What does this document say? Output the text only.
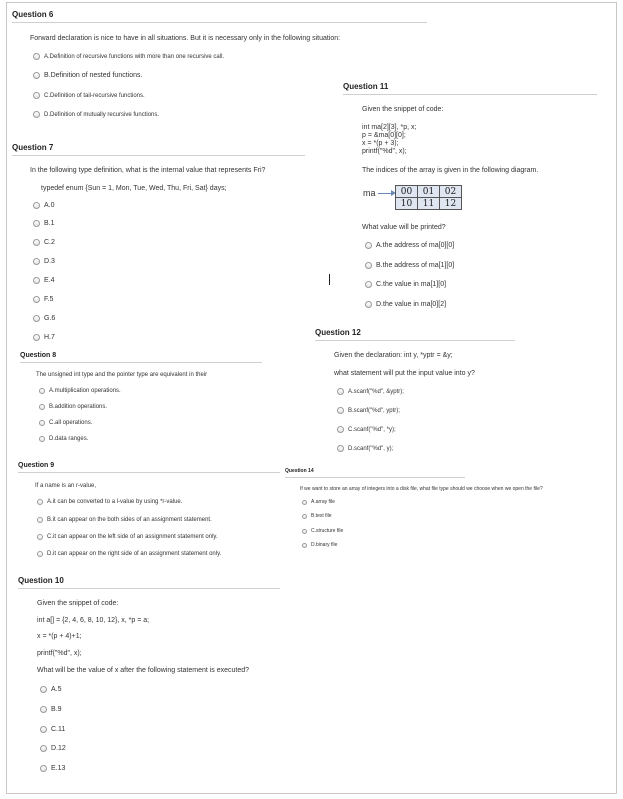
Question 6
Forward declaration is nice to have in all situations. But it is necessary only in the following situation:
A.Definition of recursive functions with more than one recursive call.
B.Definition of nested functions.
C.Definition of tail-recursive functions.
D.Definition of mutually recursive functions.
Question 7
In the following type definition, what is the internal value that represents Fri?
typedef enum {Sun = 1, Mon, Tue, Wed, Thu, Fri, Sat} days;
A.0
B.1
C.2
D.3
E.4
F.5
G.6
H.7
Question 8
The unsigned int type and the pointer type are equivalent in their
A.multiplication operations.
B.addition operations.
C.all operations.
D.data ranges.
Question 9
If a name is an r-value,
A.it can be converted to a l-value by using *r-value.
B.it can appear on the both sides of an assignment statement.
C.it can appear on the left side of an assignment statement only.
D.it can appear on the right side of an assignment statement only.
Question 10
Given the snippet of code:
int a[] = {2, 4, 6, 8, 10, 12}, x, *p = a;
x = *(p + 4)+1;
printf("%d", x);
What will be the value of x after the following statement is executed?
A.5
B.9
C.11
D.12
E.13
Question 11
Given the snippet of code:
int ma[2][3], *p, x;
p = &ma[0][0];
x = *(p + 3);
printf("%d", x);
The indices of the array is given in the following diagram.
ma	00	01	02
10	11	12
What value will be printed?
A.the address of ma[0][0]
B.the address of ma[1][0]
C.the value in ma[1][0]
D.the value in ma[0][2]
Question 12
Given the declaration: int y, *yptr = &y;
what statement will put the input value into y?
A.scanf("%d", &yptr);
B.scanf("%d", yptr);
C.scanf("%d", *y);
D.scanf("%d", y);
Question 14
If we want to store an array of integers into a disk file, what file type should we choose when we open the file?
A.array file
B.text file
C.structure file
D.binary file
